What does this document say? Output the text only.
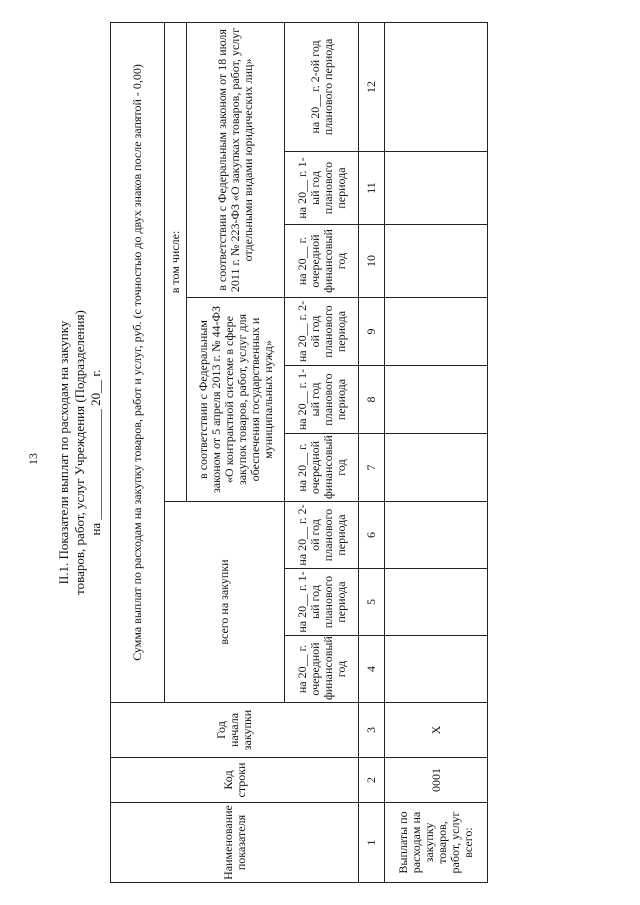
13 II.1. Показатели выплат по расходам на закупку товаров, работ, услуг Учреждения (Подразделения) на _________________ 20__ г.
Наименование показателя	Код строки	Год начала закупки	Сумма выплат по расходам на закупку товаров, работ и услуг, руб. (с точностью до двух знаков после запятой - 0,00)								
			всего на закупки			в том числе:					
						в соответствии с Федеральным законом от 5 апреля 2013 г. № 44-ФЗ «О контрактной системе в сфере закупок товаров, работ, услуг для обеспечения государственных и муниципальных нужд»			в соответствии с Федеральным законом от 18 июля 2011 г. № 223-ФЗ «О закупках товаров, работ, услуг отдельными видами юридических лиц»		
			на 20__ г. очередной финансовый год	на 20__ г. 1-ый год планового периода	на 20__ г. 2-ой год планового периода	на 20__ г. очередной финансовый год	на 20__ г. 1-ый год планового периода	на 20__ г. 2-ой год планового периода	на 20__ г. очередной финансовый год	на 20__ г. 1-ый год планового периода	на 20__ г. 2-ой год планового периода
1	2	3	4	5	6	7	8	9	10	11	12
Выплаты по расходам на закупку товаров, работ, услуг всего:	0001	X									
